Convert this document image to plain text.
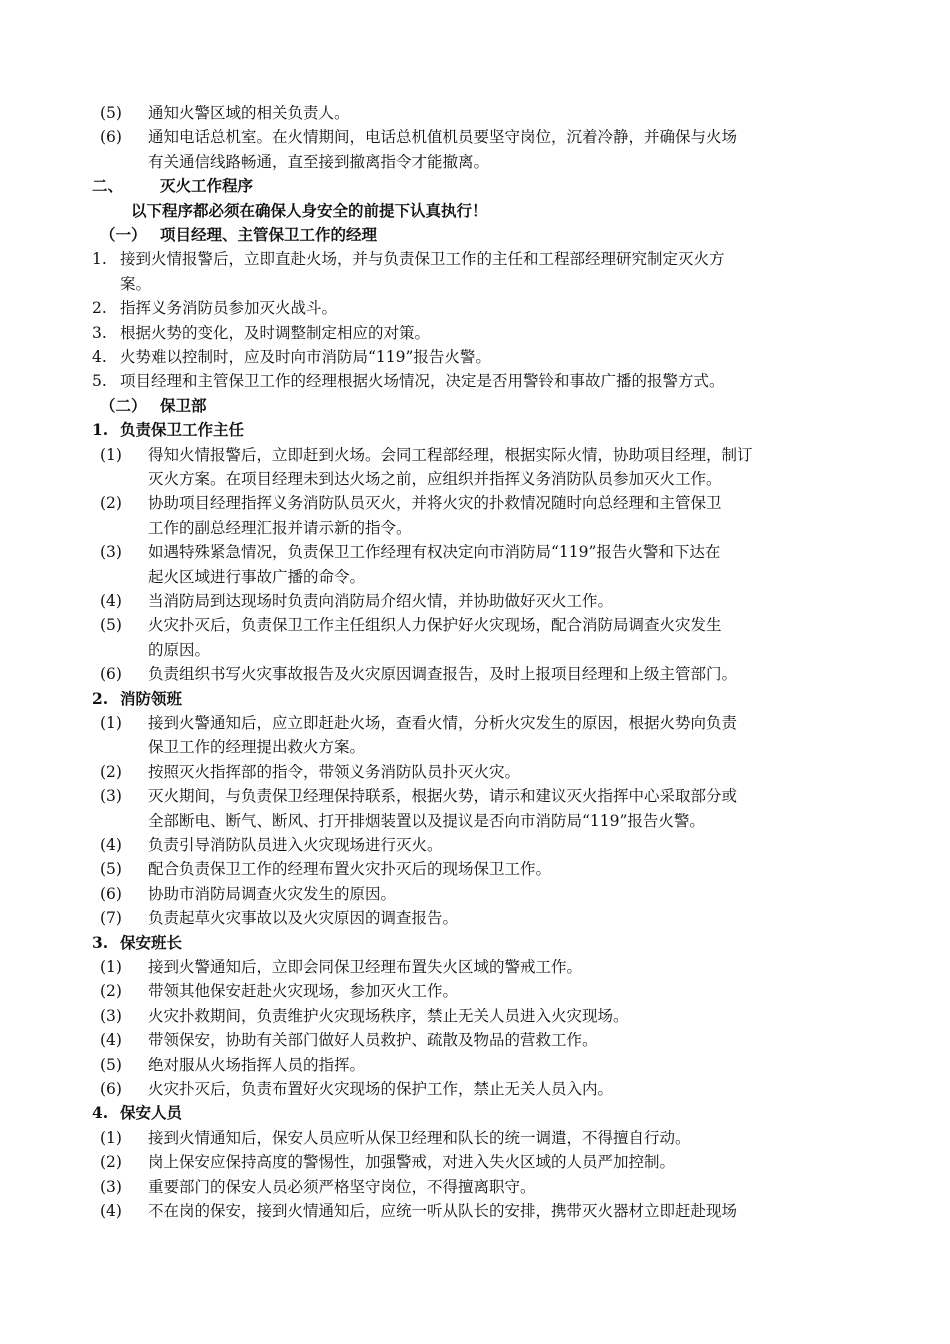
(5) 通知火警区域的相关负责人。
(6) 通知电话总机室。在火情期间，电话总机值机员要坚守岗位，沉着冷静，并确保与火场
有关通信线路畅通，直至接到撤离指令才能撤离。
二、 灭火工作程序
以下程序都必须在确保人身安全的前提下认真执行！
（一） 项目经理、主管保卫工作的经理
1. 接到火情报警后，立即直赴火场，并与负责保卫工作的主任和工程部经理研究制定灭火方
案。
2. 指挥义务消防员参加灭火战斗。
3. 根据火势的变化，及时调整制定相应的对策。
4. 火势难以控制时，应及时向市消防局“119”报告火警。
5. 项目经理和主管保卫工作的经理根据火场情况，决定是否用警铃和事故广播的报警方式。
（二） 保卫部
1. 负责保卫工作主任
(1) 得知火情报警后，立即赶到火场。会同工程部经理，根据实际火情，协助项目经理，制订
灭火方案。在项目经理未到达火场之前，应组织并指挥义务消防队员参加灭火工作。
(2) 协助项目经理指挥义务消防队员灭火，并将火灾的扑救情况随时向总经理和主管保卫
工作的副总经理汇报并请示新的指令。
(3) 如遇特殊紧急情况，负责保卫工作经理有权决定向市消防局“119”报告火警和下达在
起火区域进行事故广播的命令。
(4) 当消防局到达现场时负责向消防局介绍火情，并协助做好灭火工作。
(5) 火灾扑灭后，负责保卫工作主任组织人力保护好火灾现场，配合消防局调查火灾发生
的原因。
(6) 负责组织书写火灾事故报告及火灾原因调查报告，及时上报项目经理和上级主管部门。
2. 消防领班
(1) 接到火警通知后，应立即赶赴火场，查看火情，分析火灾发生的原因，根据火势向负责
保卫工作的经理提出救火方案。
(2) 按照灭火指挥部的指令，带领义务消防队员扑灭火灾。
(3) 灭火期间，与负责保卫经理保持联系，根据火势，请示和建议灭火指挥中心采取部分或
全部断电、断气、断风、打开排烟装置以及提议是否向市消防局“119”报告火警。
(4) 负责引导消防队员进入火灾现场进行灭火。
(5) 配合负责保卫工作的经理布置火灾扑灭后的现场保卫工作。
(6) 协助市消防局调查火灾发生的原因。
(7) 负责起草火灾事故以及火灾原因的调查报告。
3. 保安班长
(1) 接到火警通知后，立即会同保卫经理布置失火区域的警戒工作。
(2) 带领其他保安赶赴火灾现场，参加灭火工作。
(3) 火灾扑救期间，负责维护火灾现场秩序，禁止无关人员进入火灾现场。
(4) 带领保安，协助有关部门做好人员救护、疏散及物品的营救工作。
(5) 绝对服从火场指挥人员的指挥。
(6) 火灾扑灭后，负责布置好火灾现场的保护工作，禁止无关人员入内。
4. 保安人员
(1) 接到火情通知后，保安人员应听从保卫经理和队长的统一调遣，不得擅自行动。
(2) 岗上保安应保持高度的警惕性，加强警戒，对进入失火区域的人员严加控制。
(3) 重要部门的保安人员必须严格坚守岗位，不得擅离职守。
(4) 不在岗的保安，接到火情通知后，应统一听从队长的安排，携带灭火器材立即赶赴现场
